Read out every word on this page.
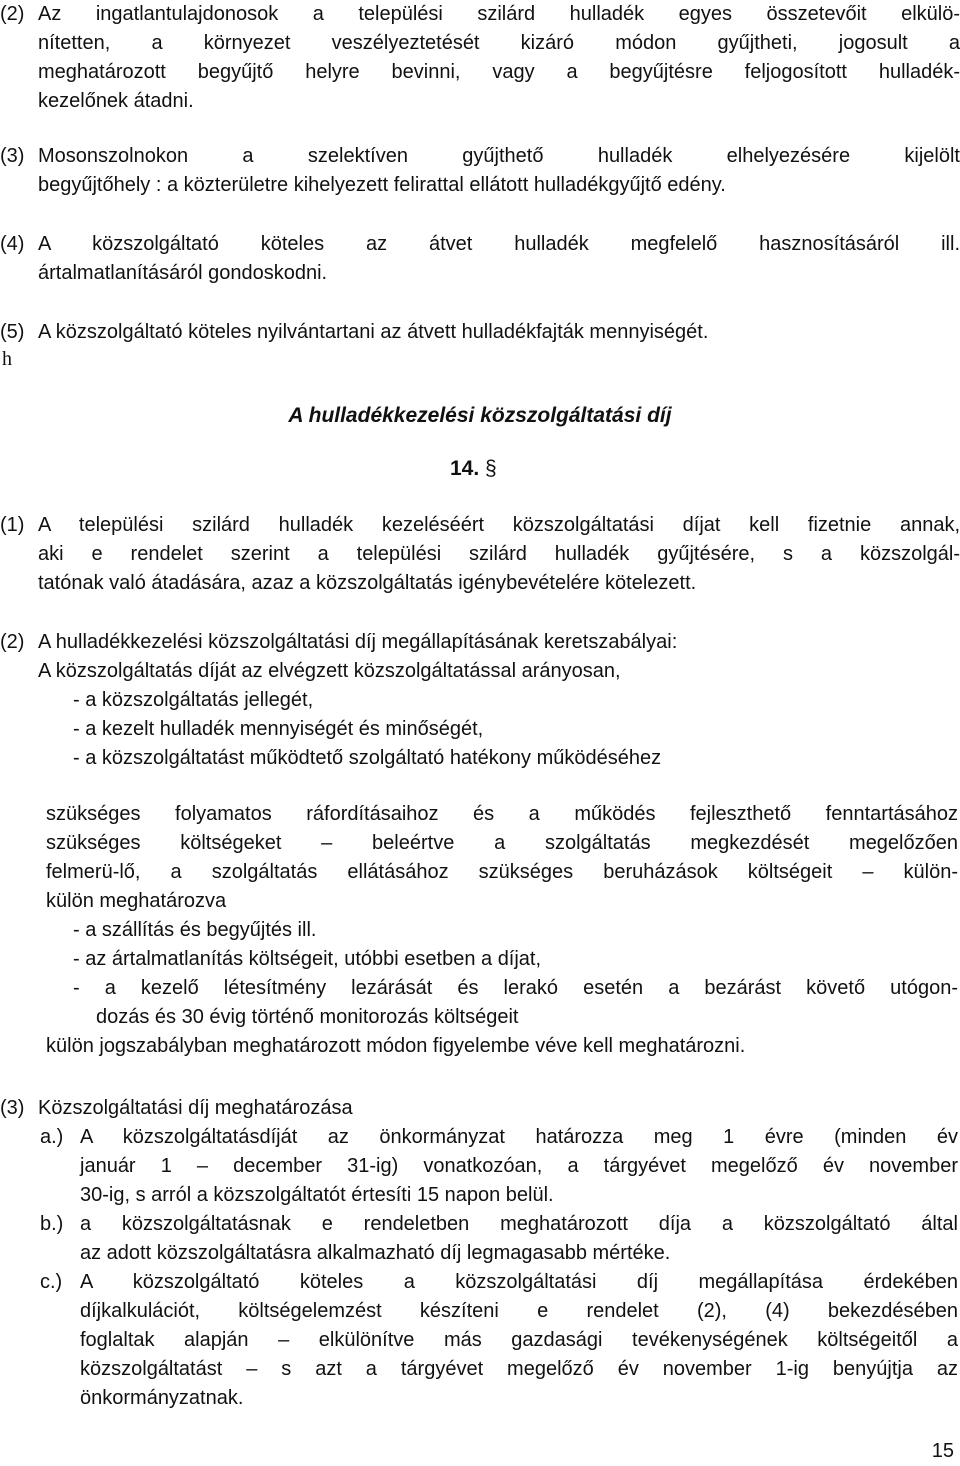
(2) Az ingatlantulajdonosok a települési szilárd hulladék egyes összetevőit elkülö-
nítetten, a környezet veszélyeztetését kizáró módon gyűjtheti, jogosult a
meghatározott begyűjtő helyre bevinni, vagy a begyűjtésre feljogosított hulladék-
kezelőnek átadni.
(3) Mosonszolnokon a szelektíven gyűjthető hulladék elhelyezésére kijelölt
begyűjtőhely : a közterületre kihelyezett felirattal ellátott hulladékgyűjtő edény.
(4) A közszolgáltató köteles az átvet hulladék megfelelő hasznosításáról ill.
ártalmatlanításáról gondoskodni.
(5) A közszolgáltató köteles nyilvántartani az átvett hulladékfajták mennyiségét.
h
A hulladékkezelési közszolgáltatási díj
14. §
(1) A települési szilárd hulladék kezeléséért közszolgáltatási díjat kell fizetnie annak,
aki e rendelet szerint a települési szilárd hulladék gyűjtésére, s a közszolgál-
tatónak való átadására, azaz a közszolgáltatás igénybevételére kötelezett.
(2) A hulladékkezelési közszolgáltatási díj megállapításának keretszabályai:
A közszolgáltatás díját az elvégzett közszolgáltatással arányosan,
- a közszolgáltatás jellegét,
- a kezelt hulladék mennyiségét és minőségét,
- a közszolgáltatást működtető szolgáltató hatékony működéséhez
szükséges folyamatos ráfordításaihoz és a működés fejleszthető fenntartásához
szükséges költségeket – beleértve a szolgáltatás megkezdését megelőzően
felmerü-lő, a szolgáltatás ellátásához szükséges beruházások költségeit – külön-
külön meghatározva
- a szállítás és begyűjtés ill.
- az ártalmatlanítás költségeit, utóbbi esetben a díjat,
- a kezelő létesítmény lezárását és lerakó esetén a bezárást követő utógon-
dozás és 30 évig történő monitorozás költségeit
külön jogszabályban meghatározott módon figyelembe véve kell meghatározni.
(3) Közszolgáltatási díj meghatározása
a.) A közszolgáltatásdíját az önkormányzat határozza meg 1 évre (minden év
január 1 – december 31-ig) vonatkozóan, a tárgyévet megelőző év november
30-ig, s arról a közszolgáltatót értesíti 15 napon belül.
b.) a közszolgáltatásnak e rendeletben meghatározott díja a közszolgáltató által
az adott közszolgáltatásra alkalmazható díj legmagasabb mértéke.
c.) A közszolgáltató köteles a közszolgáltatási díj megállapítása érdekében
díjkalkulációt, költségelemzést készíteni e rendelet (2), (4) bekezdésében
foglaltak alapján – elkülönítve más gazdasági tevékenységének költségeitől a
közszolgáltatást – s azt a tárgyévet megelőző év november 1-ig benyújtja az
önkormányzatnak.
15
